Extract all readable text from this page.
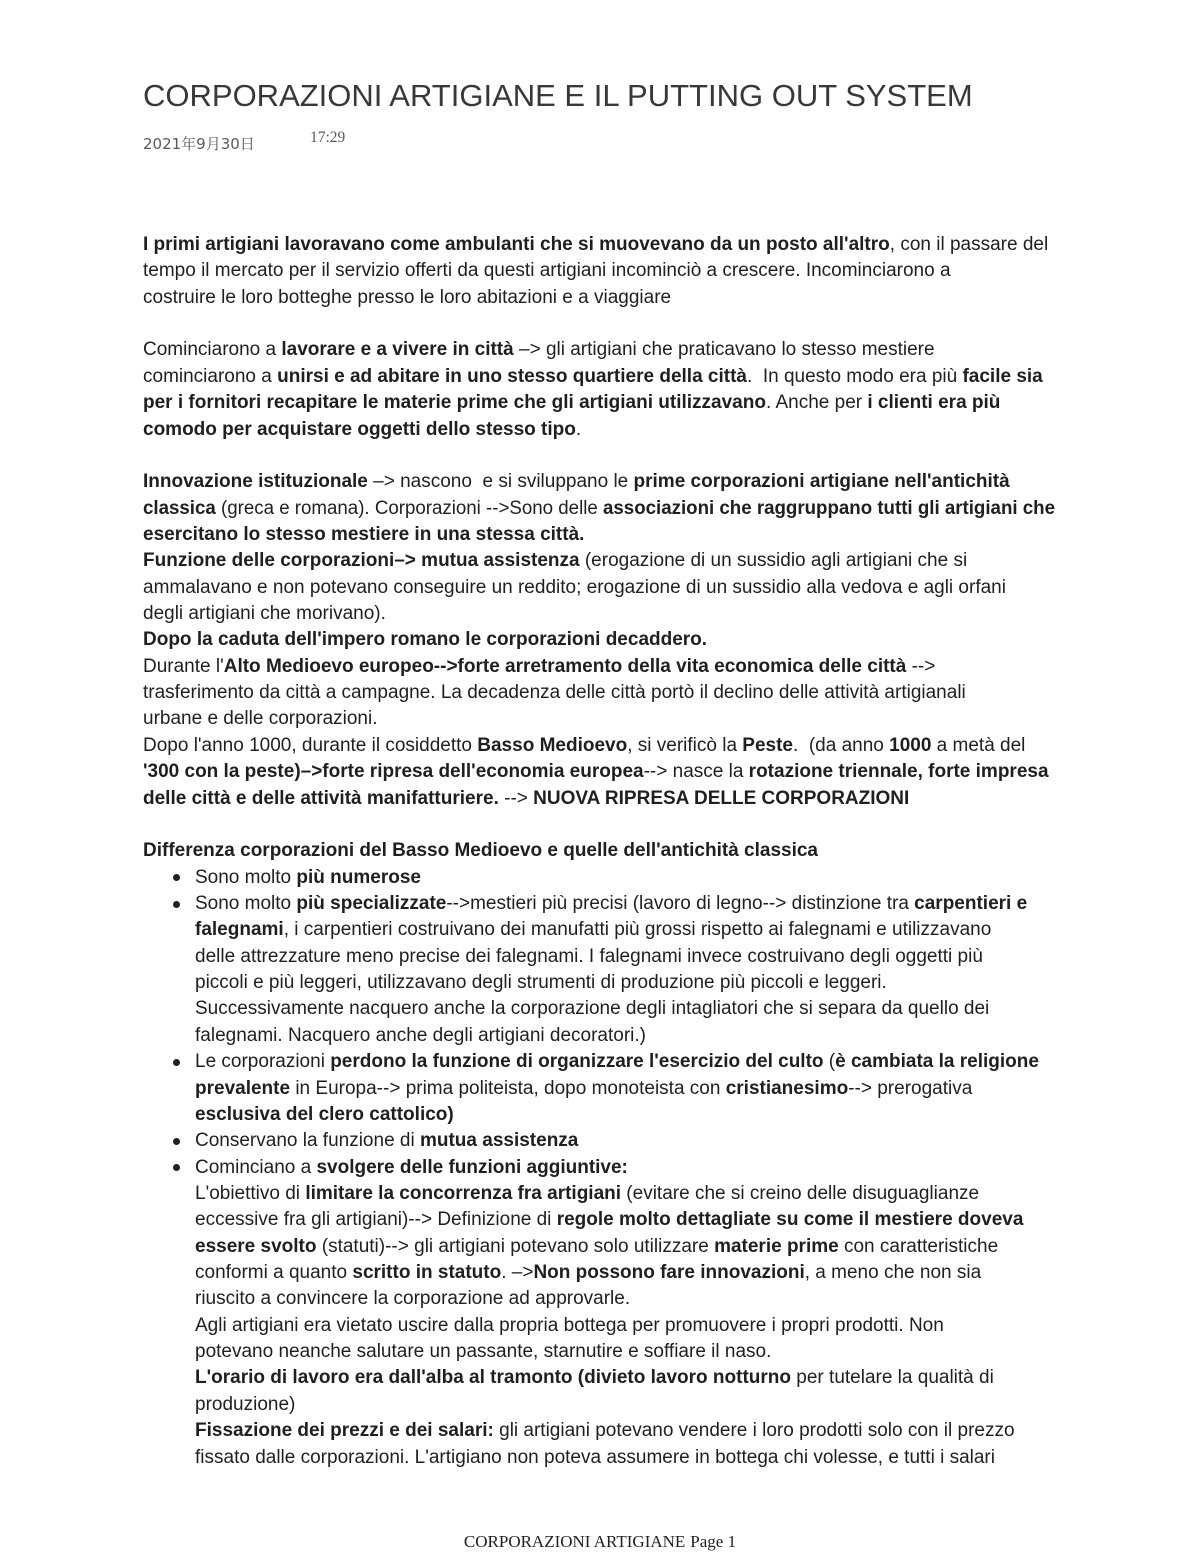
CORPORAZIONI ARTIGIANE E IL PUTTING OUT SYSTEM
2021年9月30日	17:29
I primi artigiani lavoravano come ambulanti che si muovevano da un posto all'altro, con il passare del
tempo il mercato per il servizio offerti da questi artigiani incominciò a crescere. Incominciarono a
costruire le loro botteghe presso le loro abitazioni e a viaggiare
Cominciarono a lavorare e a vivere in città –> gli artigiani che praticavano lo stesso mestiere
cominciarono a unirsi e ad abitare in uno stesso quartiere della città.  In questo modo era più facile sia
per i fornitori recapitare le materie prime che gli artigiani utilizzavano. Anche per i clienti era più
comodo per acquistare oggetti dello stesso tipo.
Innovazione istituzionale –> nascono  e si sviluppano le prime corporazioni artigiane nell'antichità
classica (greca e romana). Corporazioni -->Sono delle associazioni che raggruppano tutti gli artigiani che
esercitano lo stesso mestiere in una stessa città.
Funzione delle corporazioni–> mutua assistenza (erogazione di un sussidio agli artigiani che si
ammalavano e non potevano conseguire un reddito; erogazione di un sussidio alla vedova e agli orfani
degli artigiani che morivano).
Dopo la caduta dell'impero romano le corporazioni decaddero.
Durante l'Alto Medioevo europeo-->forte arretramento della vita economica delle città -->
trasferimento da città a campagne. La decadenza delle città portò il declino delle attività artigianali
urbane e delle corporazioni.
Dopo l'anno 1000, durante il cosiddetto Basso Medioevo, si verificò la Peste.  (da anno 1000 a metà del
'300 con la peste)–>forte ripresa dell'economia europea--> nasce la rotazione triennale, forte impresa
delle città e delle attività manifatturiere. --> NUOVA RIPRESA DELLE CORPORAZIONI
Differenza corporazioni del Basso Medioevo e quelle dell'antichità classica
Sono molto più numerose
Sono molto più specializzate-->mestieri più precisi (lavoro di legno--> distinzione tra carpentieri e
falegnami, i carpentieri costruivano dei manufatti più grossi rispetto ai falegnami e utilizzavano
delle attrezzature meno precise dei falegnami. I falegnami invece costruivano degli oggetti più
piccoli e più leggeri, utilizzavano degli strumenti di produzione più piccoli e leggeri.
Successivamente nacquero anche la corporazione degli intagliatori che si separa da quello dei
falegnami. Nacquero anche degli artigiani decoratori.)
Le corporazioni perdono la funzione di organizzare l'esercizio del culto (è cambiata la religione
prevalente in Europa--> prima politeista, dopo monoteista con cristianesimo--> prerogativa
esclusiva del clero cattolico)
Conservano la funzione di mutua assistenza
Cominciano a svolgere delle funzioni aggiuntive:
L'obiettivo di limitare la concorrenza fra artigiani (evitare che si creino delle disuguaglianze
eccessive fra gli artigiani)--> Definizione di regole molto dettagliate su come il mestiere doveva
essere svolto (statuti)--> gli artigiani potevano solo utilizzare materie prime con caratteristiche
conformi a quanto scritto in statuto. –>Non possono fare innovazioni, a meno che non sia
riuscito a convincere la corporazione ad approvarle.
Agli artigiani era vietato uscire dalla propria bottega per promuovere i propri prodotti. Non
potevano neanche salutare un passante, starnutire e soffiare il naso.
L'orario di lavoro era dall'alba al tramonto (divieto lavoro notturno per tutelare la qualità di
produzione)
Fissazione dei prezzi e dei salari: gli artigiani potevano vendere i loro prodotti solo con il prezzo
fissato dalle corporazioni. L'artigiano non poteva assumere in bottega chi volesse, e tutti i salari
CORPORAZIONI ARTIGIANE Page 1
